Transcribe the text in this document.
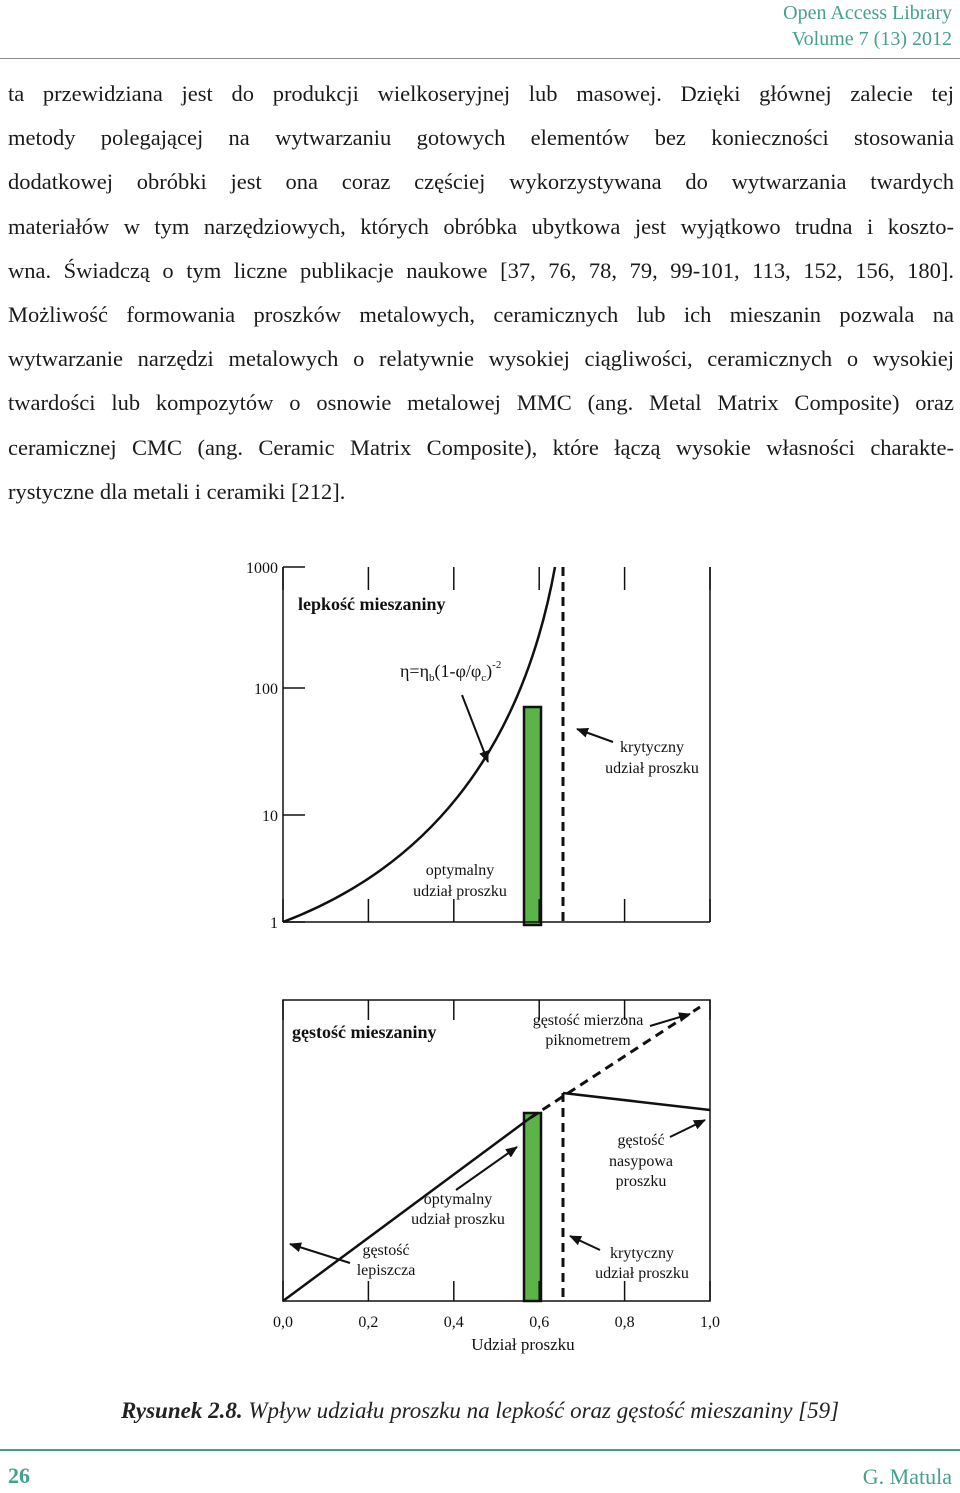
Open Access Library
Volume 7 (13) 2012

ta przewidziana jest do produkcji wielkoseryjnej lub masowej. Dzięki głównej zalecie tej

metody polegającej na wytwarzaniu gotowych elementów bez konieczności stosowania

dodatkowej obróbki jest ona coraz częściej wykorzystywana do wytwarzania twardych

materiałów w tym narzędziowych, których obróbka ubytkowa jest wyjątkowo trudna i koszto-

wna. Świadczą o tym liczne publikacje naukowe [37, 76, 78, 79, 99-101, 113, 152, 156, 180].

Możliwość formowania proszków metalowych, ceramicznych lub ich mieszanin pozwala na

wytwarzanie narzędzi metalowych o relatywnie wysokiej ciągliwości, ceramicznych o wysokiej

twardości lub kompozytów o osnowie metalowej MMC (ang. Metal Matrix Composite) oraz

ceramicznej CMC (ang. Ceramic Matrix Composite), które łączą wysokie własności charakte-

rystyczne dla metali i ceramiki [212].

1000
100
10
1
lepkość mieszaniny
$\eta=\eta_b(1-\varphi/\varphi_c)^{-2}$
krytyczny
udział proszku
optymalny
udział proszku
0,0	0,2	0,4	0,6	0,8	1,0
gęstość mieszaniny
gęstość mierzona
piknometrem
gęstość
nasypowa
proszku
optymalny
udział proszku
gęstość
lepiszcza
krytyczny
udział proszku
Udział proszku
Rysunek 2.8. Wpływ udziału proszku na lepkość oraz gęstość mieszaniny [59]
26	G. Matula
